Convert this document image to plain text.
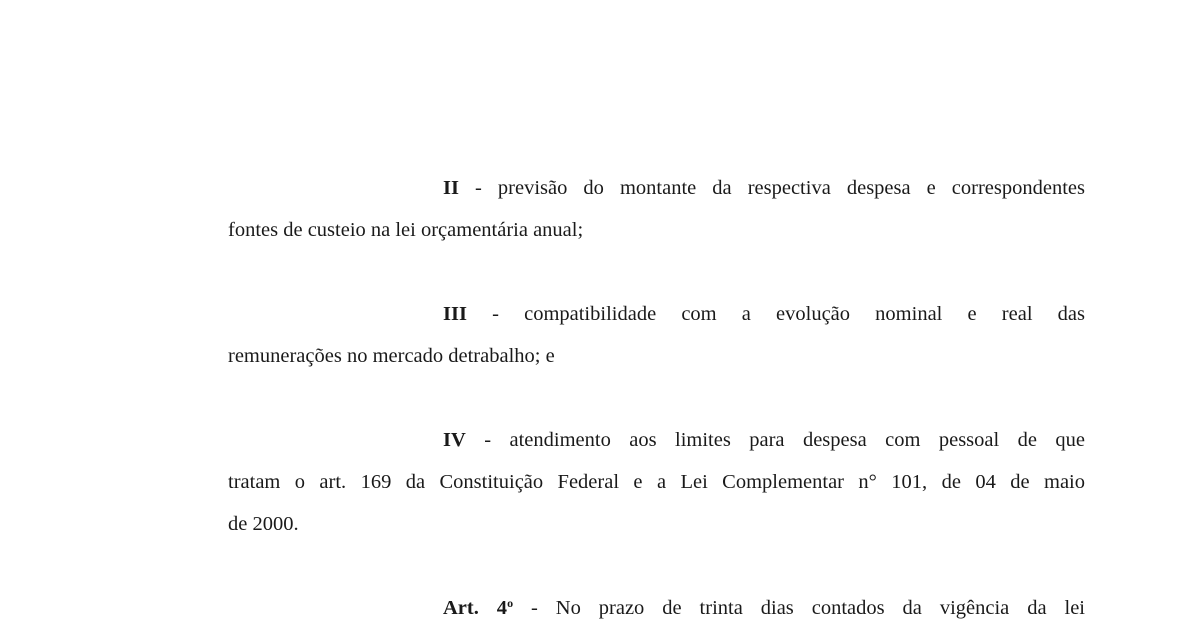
II - previsão do montante da respectiva despesa e correspondentes
fontes de custeio na lei orçamentária anual;

III - compatibilidade com a evolução nominal e real das
remunerações no mercado detrabalho; e

IV - atendimento aos limites para despesa com pessoal de que
tratam o art. 169 da Constituição Federal e a Lei Complementar n° 101, de 04 de maio
de 2000.

Art. 4$^o$ - No prazo de trinta dias contados da vigência da lei
